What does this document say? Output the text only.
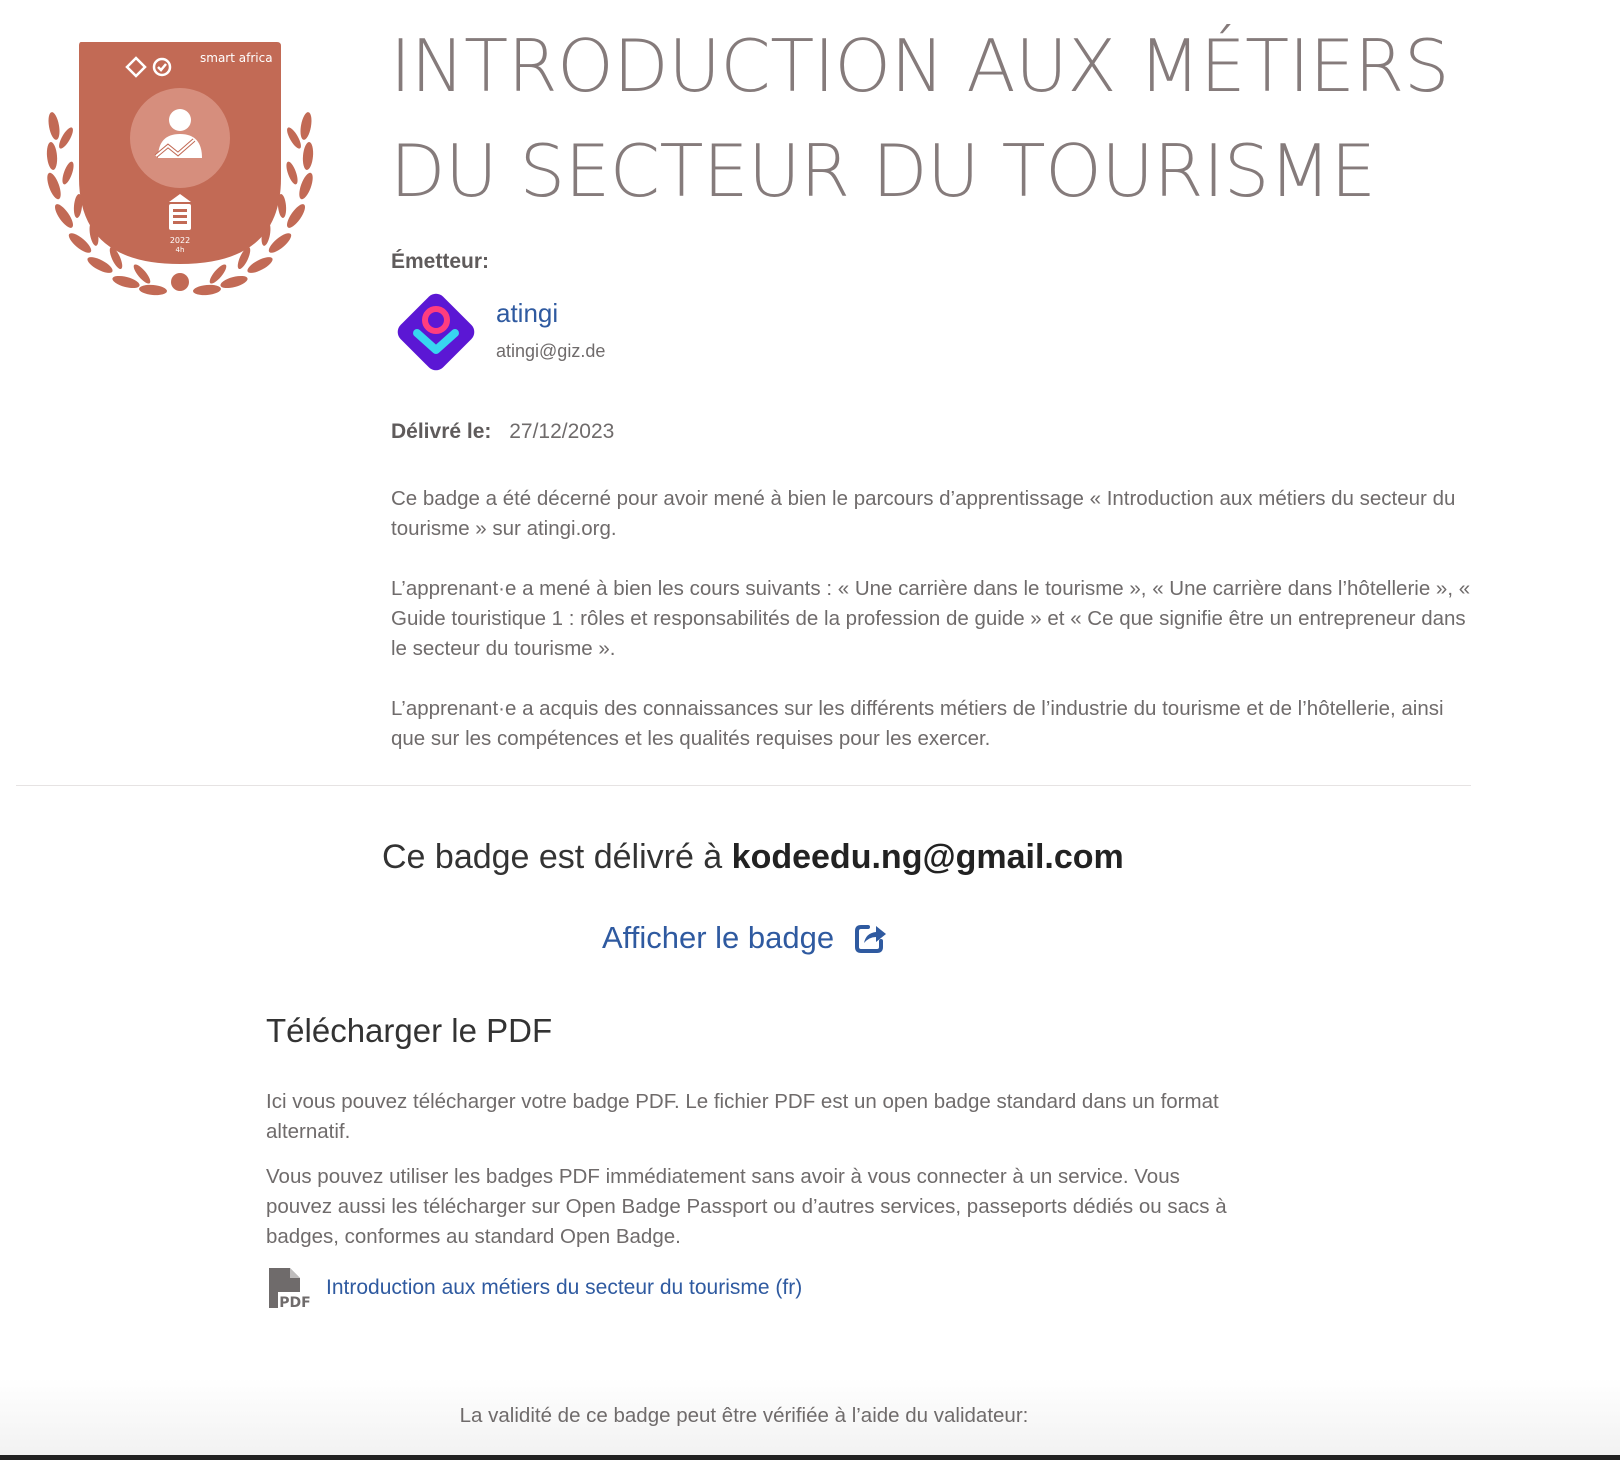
smart africa
2022
4h
INTRODUCTION AUX MÉTIERS DU SECTEUR DU TOURISME
Émetteur:
atingi
atingi@giz.de
Délivré le: 27/12/2023

Ce badge a été décerné pour avoir mené à bien le parcours d’apprentissage « Introduction aux métiers du secteur du tourisme » sur atingi.org.

L’apprenant·e a mené à bien les cours suivants : « Une carrière dans le tourisme », « Une carrière dans l’hôtellerie », « Guide touristique 1 : rôles et responsabilités de la profession de guide » et « Ce que signifie être un entrepreneur dans le secteur du tourisme ».

L’apprenant·e a acquis des connaissances sur les différents métiers de l’industrie du tourisme et de l’hôtellerie, ainsi que sur les compétences et les qualités requises pour les exercer.

Ce badge est délivré à kodeedu.ng@gmail.com
Afficher le badge
Télécharger le PDF

Ici vous pouvez télécharger votre badge PDF. Le fichier PDF est un open badge standard dans un format alternatif.

Vous pouvez utiliser les badges PDF immédiatement sans avoir à vous connecter à un service. Vous pouvez aussi les télécharger sur Open Badge Passport ou d’autres services, passeports dédiés ou sacs à badges, conformes au standard Open Badge.

PDF
Introduction aux métiers du secteur du tourisme (fr)
La validité de ce badge peut être vérifiée à l’aide du validateur:
